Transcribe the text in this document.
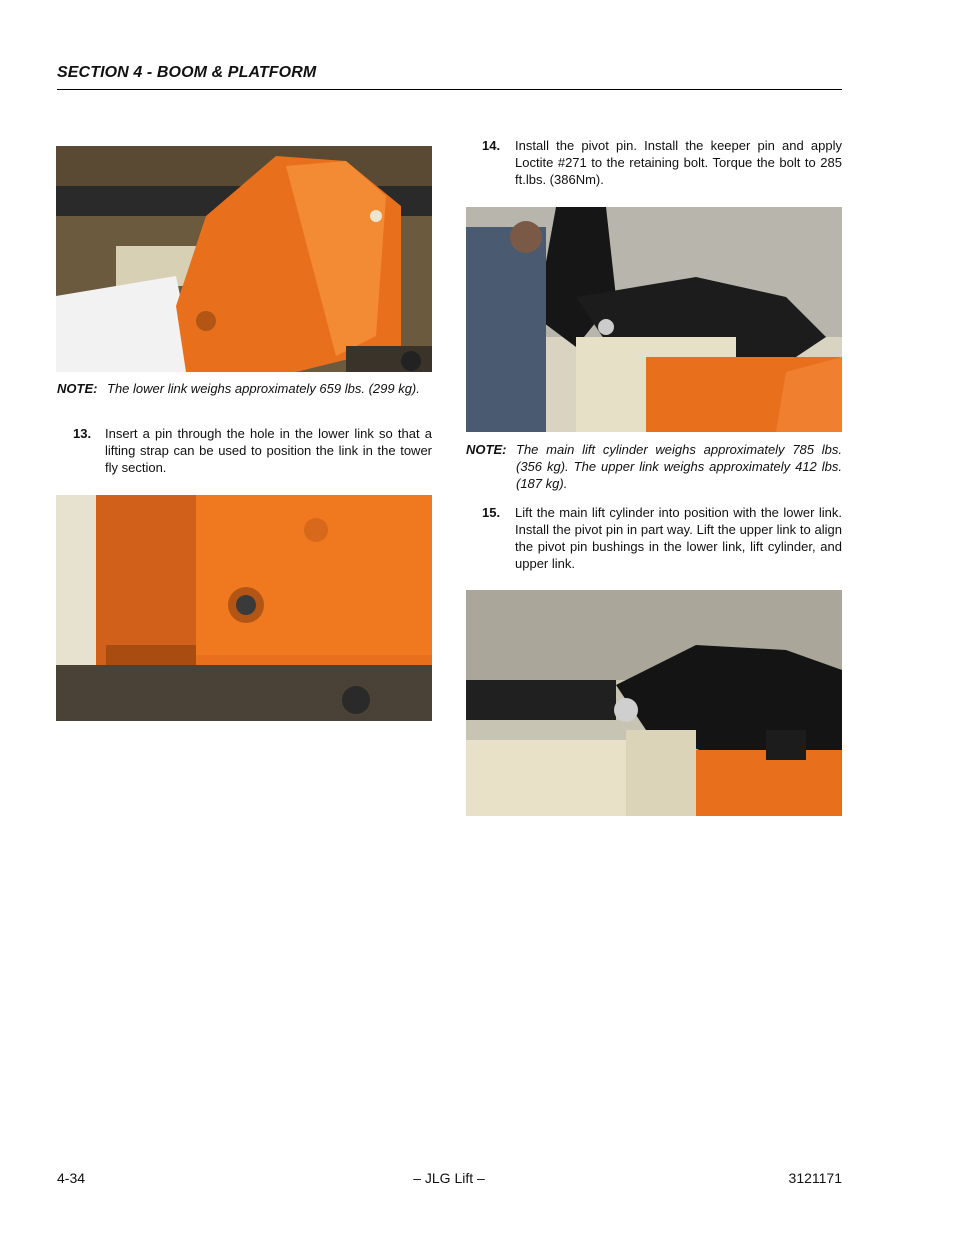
SECTION 4 - BOOM & PLATFORM
NOTE: The lower link weighs approximately 659 lbs. (299 kg).
13. Insert a pin through the hole in the lower link so that a lifting strap can be used to position the link in the tower fly section.
14. Install the pivot pin. Install the keeper pin and apply Loctite #271 to the retaining bolt. Torque the bolt to 285 ft.lbs. (386Nm).
NOTE: The main lift cylinder weighs approximately 785 lbs. (356 kg). The upper link weighs approximately 412 lbs. (187 kg).
15. Lift the main lift cylinder into position with the lower link. Install the pivot pin in part way. Lift the upper link to align the pivot pin bushings in the lower link, lift cylinder, and upper link.
4-34	– JLG Lift –	3121171
